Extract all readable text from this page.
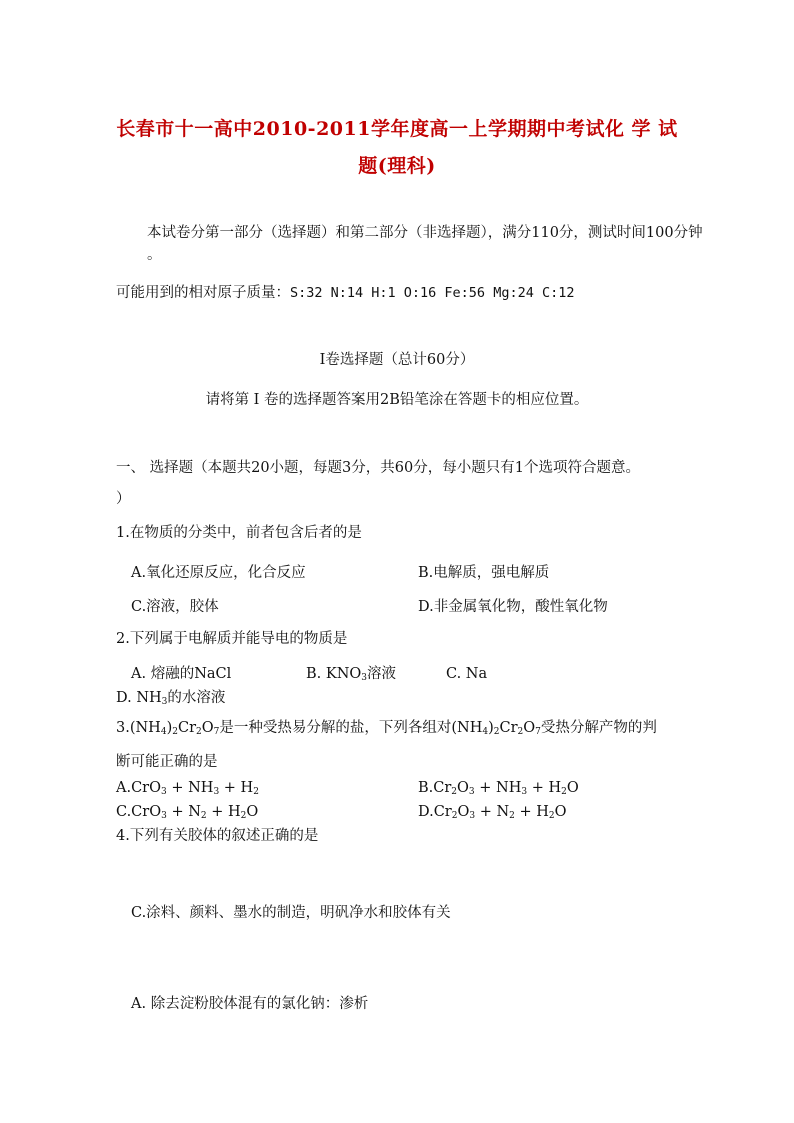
长春市十一高中2010-2011学年度高一上学期期中考试化 学 试
题(理科)
本试卷分第一部分（选择题）和第二部分（非选择题），满分110分，测试时间100分钟
。
可能用到的相对原子质量：S:32 N:14 H:1 O:16 Fe:56 Mg:24 C:12
I卷选择题（总计60分）
请将第 I 卷的选择题答案用2B铅笔涂在答题卡的相应位置。
一、 选择题（本题共20小题，每题3分，共60分，每小题只有1个选项符合题意。
）
1.在物质的分类中，前者包含后者的是
A.氧化还原反应，化合反应	B.电解质，强电解质
C.溶液，胶体	D.非金属氧化物，酸性氧化物
2.下列属于电解质并能导电的物质是
A. 熔融的NaCl	B. $KNO_3$溶液	C. Na
D. $NH_3$的水溶液
$3.(NH_4)_2Cr_2O_7$是一种受热易分解的盐，下列各组对$(NH_4)_2Cr_2O_7$受热分解产物的判
断可能正确的是
$A.CrO_3 + NH_3 + H_2$	$B.Cr_2O_3 + NH_3 + H_2O$
$C.CrO_3 + N_2 + H_2O$	$D.Cr_2O_3 + N_2 + H_2O$
4.下列有关胶体的叙述正确的是
C.涂料、颜料、墨水的制造，明矾净水和胶体有关
A. 除去淀粉胶体混有的氯化钠：渗析
